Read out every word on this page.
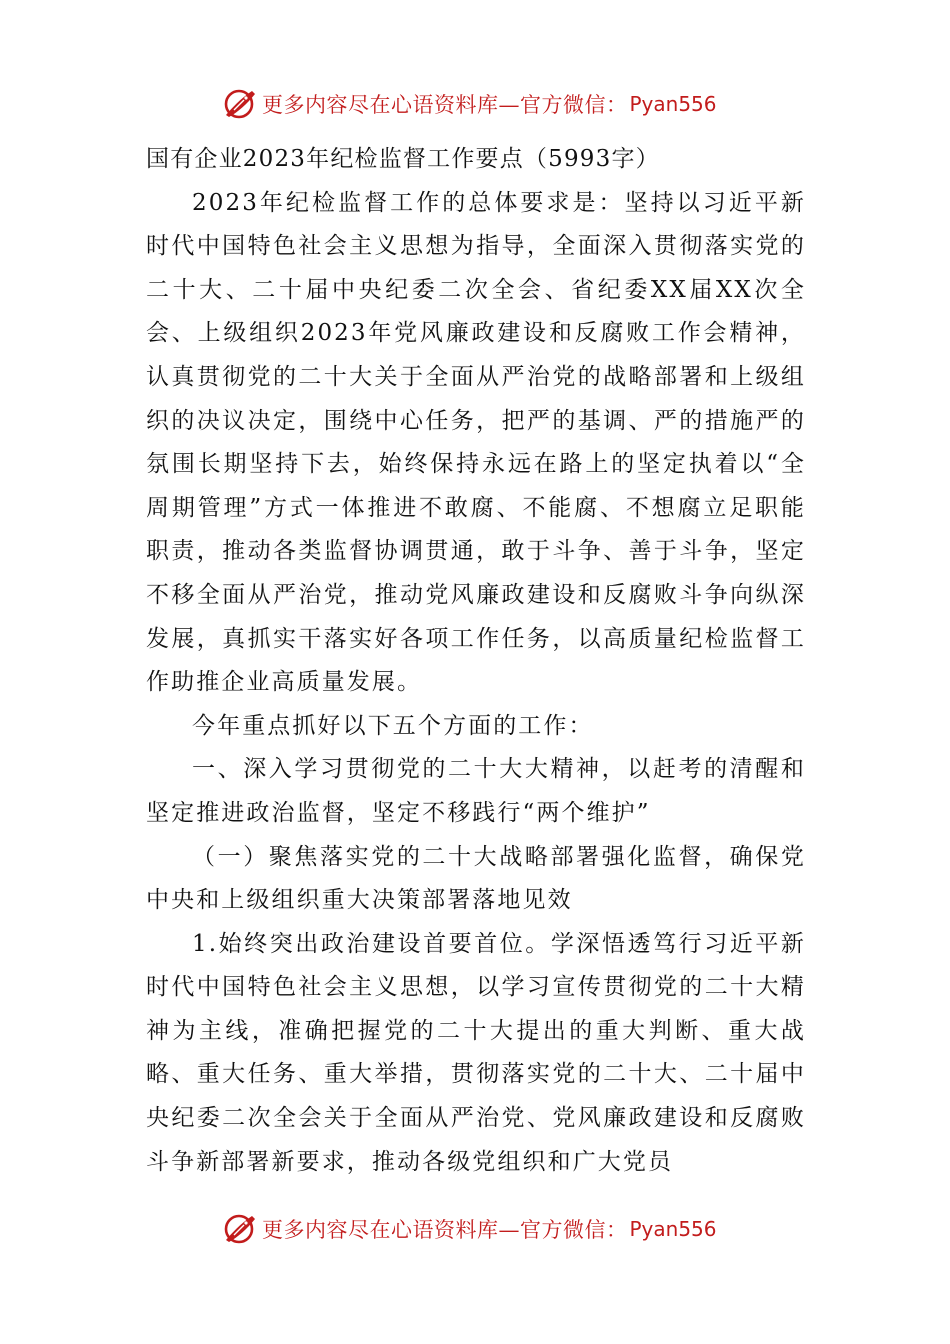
更多内容尽在心语资料库—官方微信： Pyan556
国有企业2023年纪检监督工作要点（5993字）

2023年纪检监督工作的总体要求是：坚持以习近平新时代中国特色社会主义思想为指导，全面深入贯彻落实党的二十大、二十届中央纪委二次全会、省纪委XX届XX次全会、上级组织2023年党风廉政建设和反腐败工作会精神，认真贯彻党的二十大关于全面从严治党的战略部署和上级组织的决议决定，围绕中心任务，把严的基调、严的措施严的氛围长期坚持下去，始终保持永远在路上的坚定执着以“全周期管理”方式一体推进不敢腐、不能腐、不想腐立足职能职责，推动各类监督协调贯通，敢于斗争、善于斗争，坚定不移全面从严治党，推动党风廉政建设和反腐败斗争向纵深发展，真抓实干落实好各项工作任务，以高质量纪检监督工作助推企业高质量发展。

今年重点抓好以下五个方面的工作：

一、深入学习贯彻党的二十大大精神，以赶考的清醒和坚定推进政治监督，坚定不移践行“两个维护”

（一）聚焦落实党的二十大战略部署强化监督，确保党中央和上级组织重大决策部署落地见效

1.始终突出政治建设首要首位。学深悟透笃行习近平新时代中国特色社会主义思想，以学习宣传贯彻党的二十大精神为主线，准确把握党的二十大提出的重大判断、重大战略、重大任务、重大举措，贯彻落实党的二十大、二十届中央纪委二次全会关于全面从严治党、党风廉政建设和反腐败斗争新部署新要求，推动各级党组织和广大党员

更多内容尽在心语资料库—官方微信： Pyan556
